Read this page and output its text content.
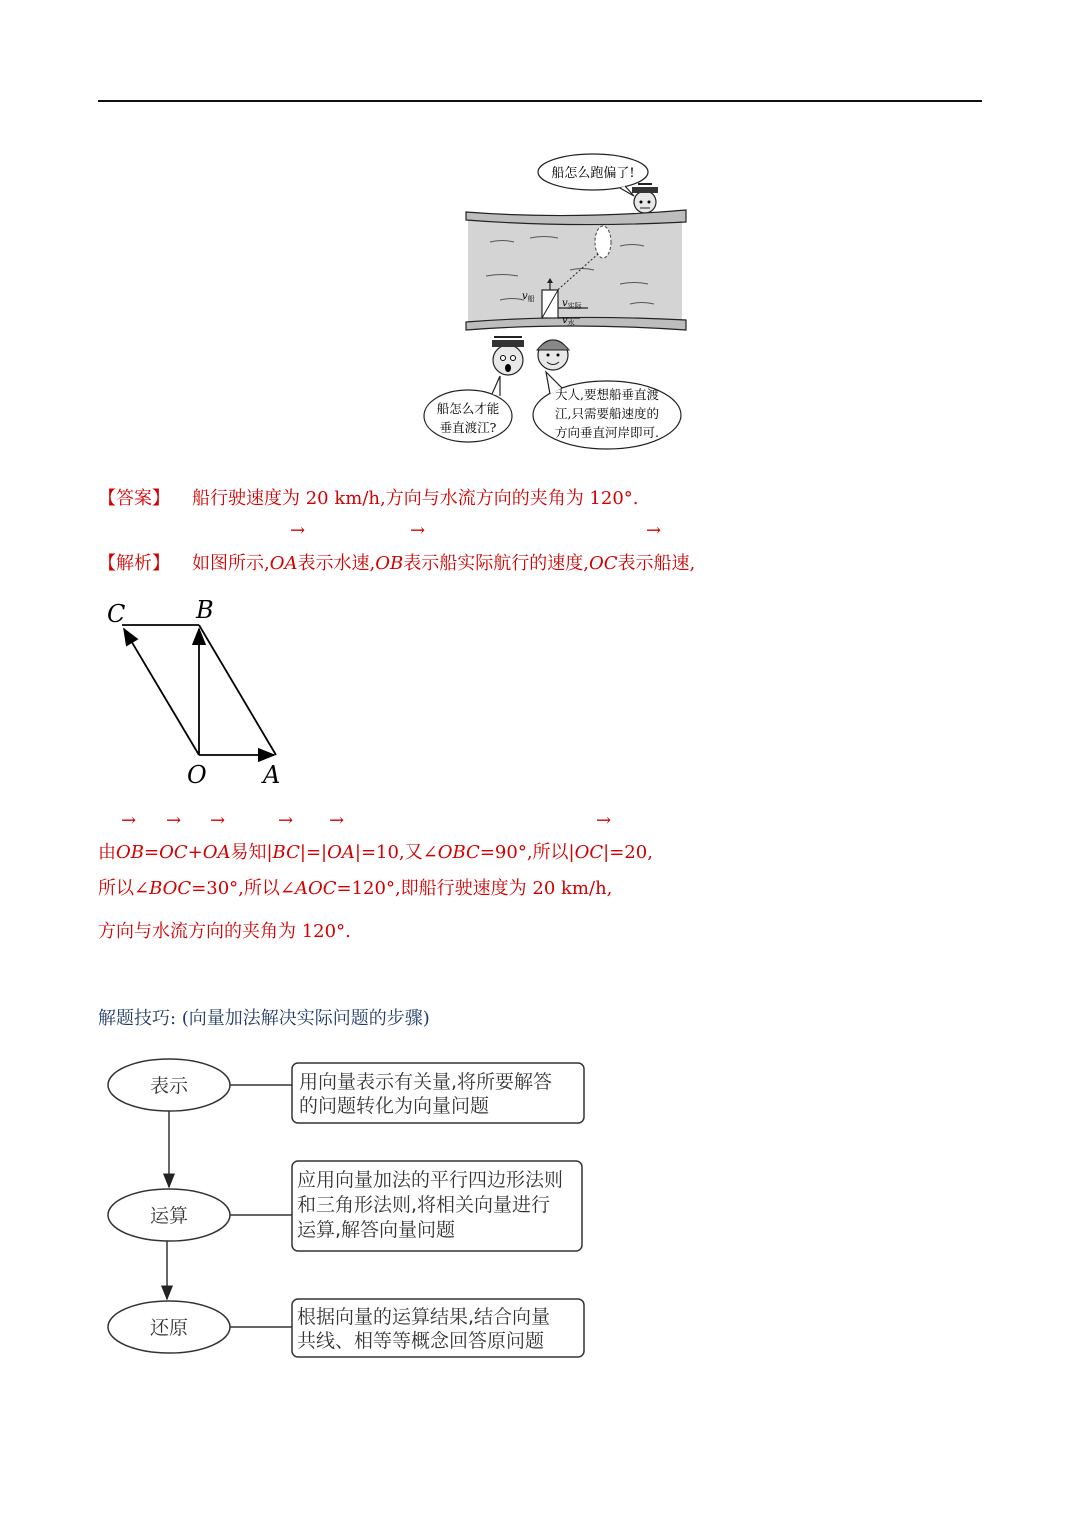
船怎么跑偏了!
$v_船$	$v_{实际}$
$v_水$
船怎么才能
垂直渡江?
大人,要想船垂直渡
江,只需要船速度的
方向垂直河岸即可.
【答案】 船行驶速度为 20 km/h,方向与水流方向的夹角为 120°.
→	→	→
【解析】 如图所示,OA表示水速,OB表示船实际航行的速度,OC表示船速,
C	B
O A
→ → →	→ →	→
由OB=OC+OA易知|BC|=|OA|=10,又∠OBC=90°,所以|OC|=20,
所以∠BOC=30°,所以∠AOC=120°,即船行驶速度为 20 km/h,
方向与水流方向的夹角为 120°.
解题技巧: (向量加法解决实际问题的步骤)
表示
运算
还原
用向量表示有关量,将所要解答
的问题转化为向量问题
应用向量加法的平行四边形法则
和三角形法则,将相关向量进行
运算,解答向量问题
根据向量的运算结果,结合向量
共线、相等等概念回答原问题
